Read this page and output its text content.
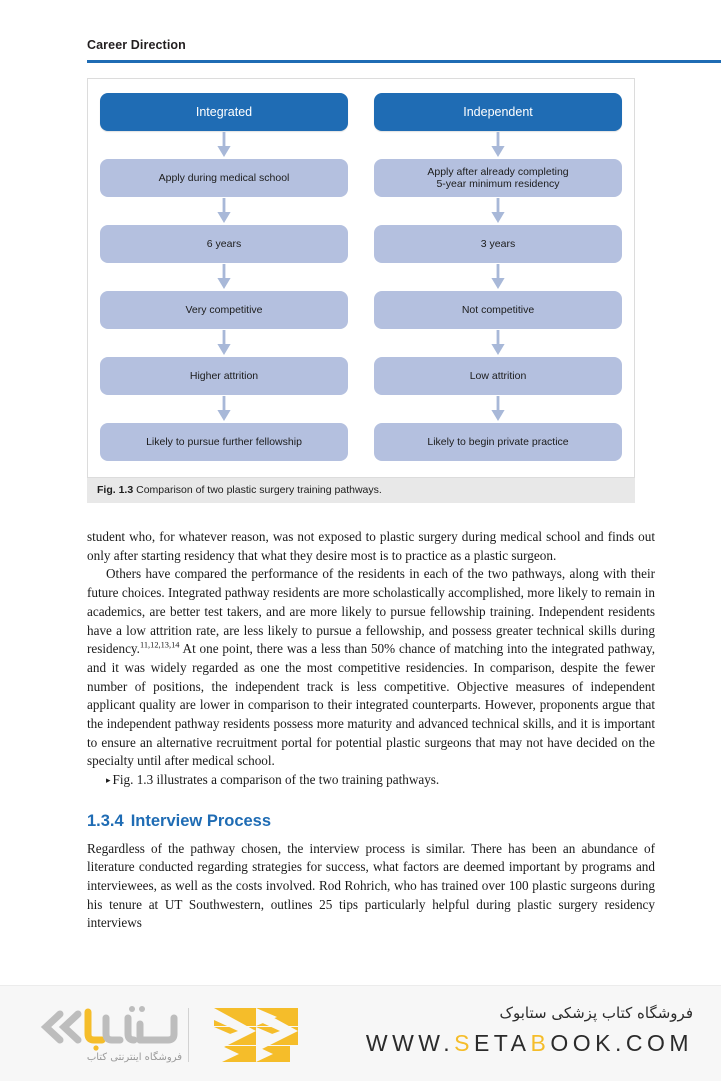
Career Direction
Integrated
Apply during medical school
6 years
Very competitive
Higher attrition
Likely to pursue further fellowship
Independent
Apply after already completing
5-year minimum residency
3 years
Not competitive
Low attrition
Likely to begin private practice
Fig. 1.3 Comparison of two plastic surgery training pathways.

student who, for whatever reason, was not exposed to plastic surgery during medical school and finds out only after starting residency that what they desire most is to practice as a plastic surgeon.

Others have compared the performance of the residents in each of the two pathways, along with their future choices. Integrated pathway residents are more scholastically accomplished, more likely to remain in academics, are better test takers, and are more likely to pursue fellowship training. Independent residents have a low attrition rate, are less likely to pursue a fellowship, and possess greater technical skills during residency.$^{11,12,13,14}$ At one point, there was a less than 50% chance of matching into the integrated pathway, and it was widely regarded as one the most competitive residencies. In comparison, despite the fewer number of positions, the independent track is less competitive. Objective measures of independent applicant quality are lower in comparison to their integrated counterparts. However, proponents argue that the independent pathway residents possess more maturity and advanced technical skills, and it is important to ensure an alternative recruitment portal for potential plastic surgeons that may not have decided on the specialty until after medical school.

▸ Fig. 1.3 illustrates a comparison of the two training pathways.

1.3.4 Interview Process

Regardless of the pathway chosen, the interview process is similar. There has been an abundance of literature conducted regarding strategies for success, what factors are deemed important by programs and interviewees, as well as the costs involved. Rod Rohrich, who has trained over 100 plastic surgeons during his tenure at UT Southwestern, outlines 25 tips particularly helpful during plastic surgery residency interviews

فروشگاه اینترنتی کتاب
فروشگاه کتاب پزشکی ستابوک
WWW.SETABOOK.COM
